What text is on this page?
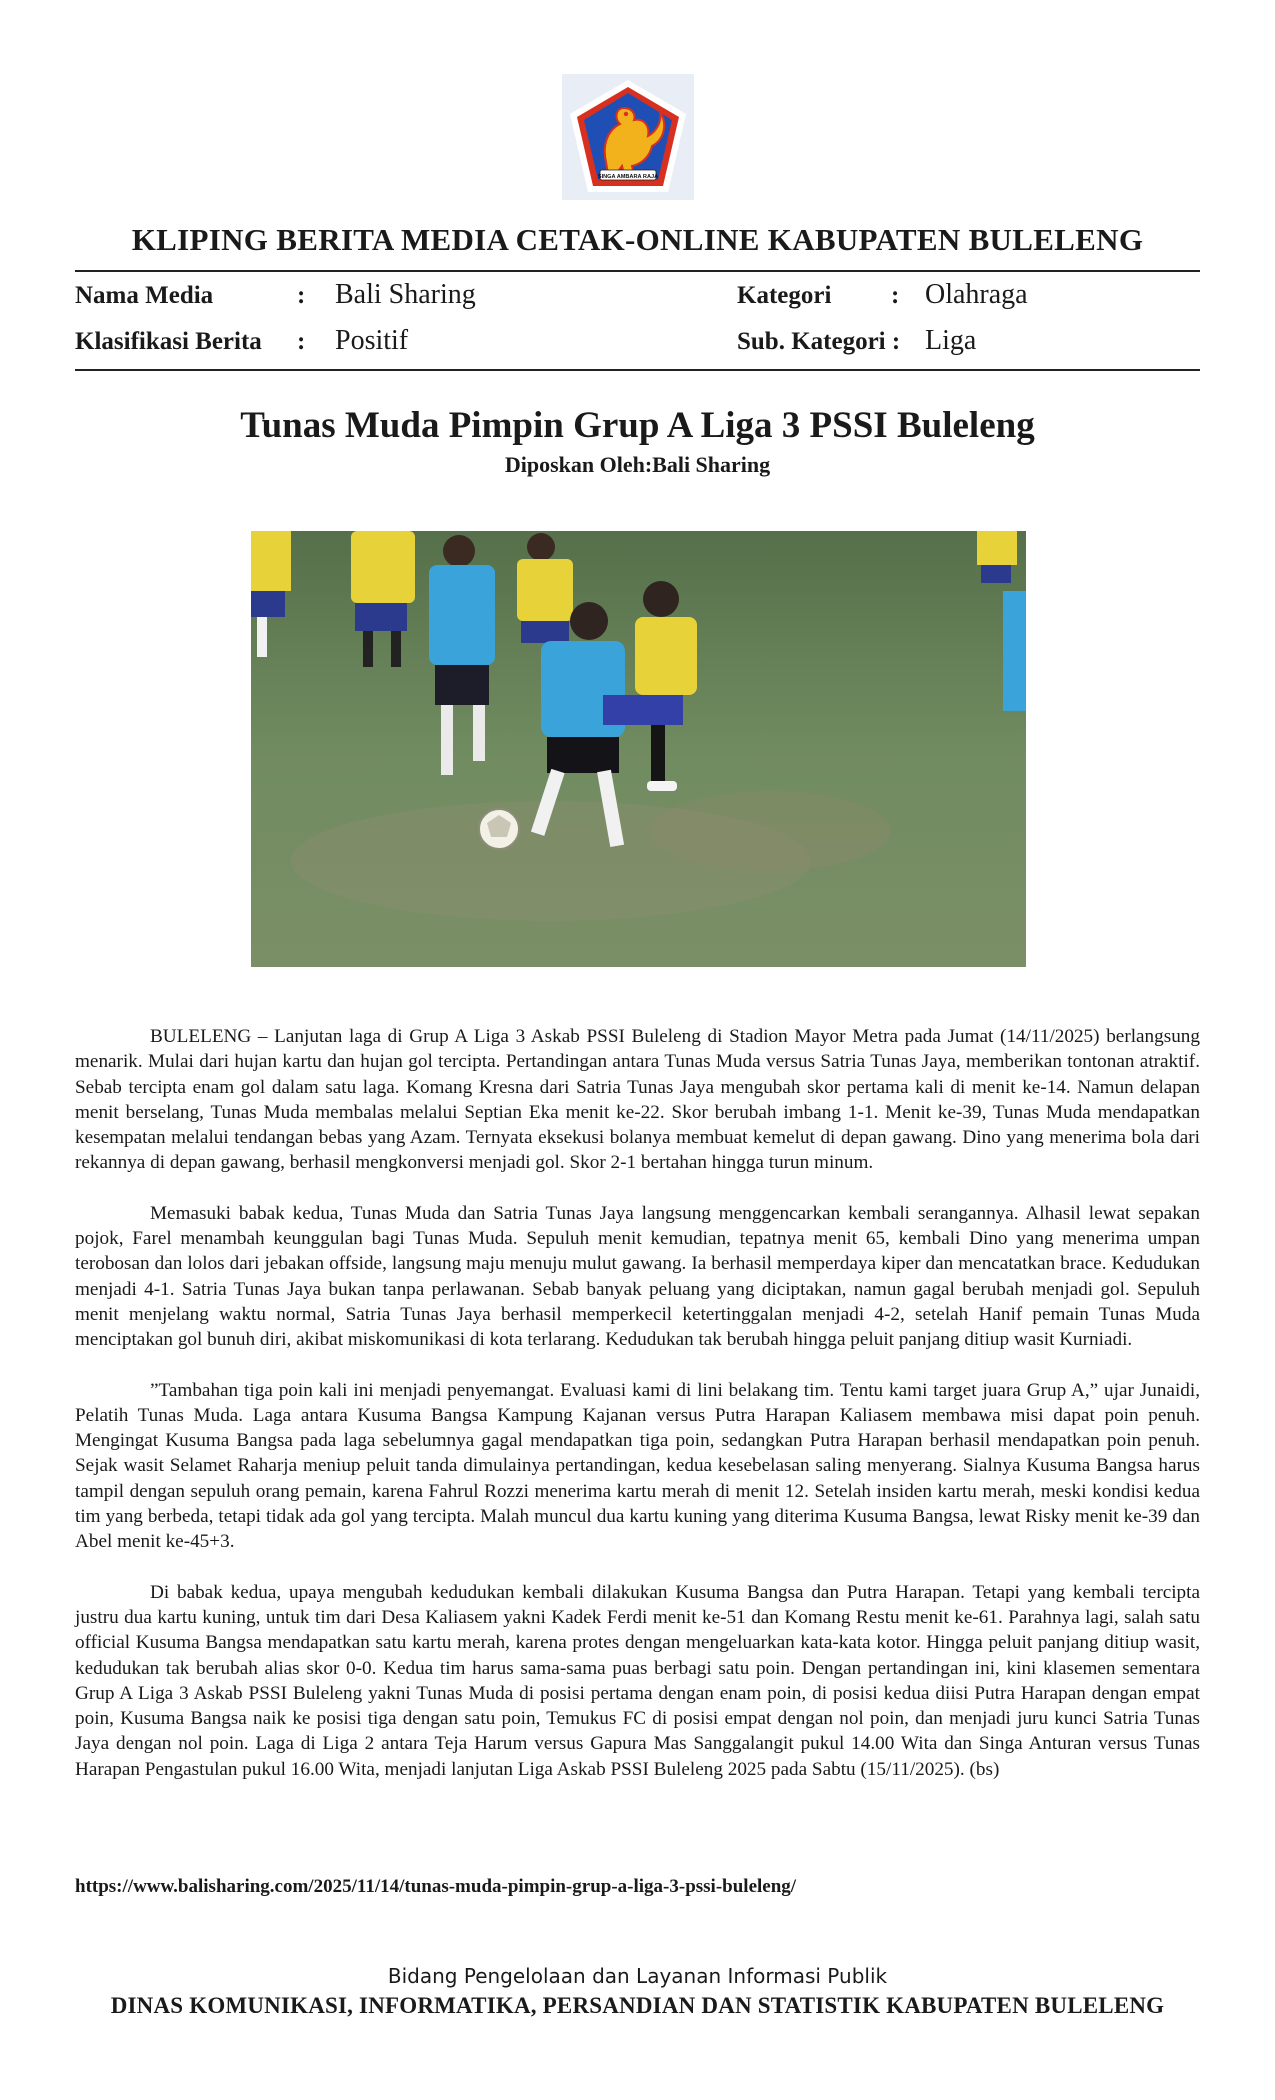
SINGA AMBARA RAJA
KLIPING BERITA MEDIA CETAK-ONLINE KABUPATEN BULELENG
Nama Media	: Bali Sharing	Kategori : Olahraga
Klasifikasi Berita : Positif	Sub. Kategori : Liga
Tunas Muda Pimpin Grup A Liga 3 PSSI Buleleng
Diposkan Oleh:Bali Sharing

BULELENG – Lanjutan laga di Grup A Liga 3 Askab PSSI Buleleng di Stadion Mayor Metra pada Jumat (14/11/2025) berlangsung menarik. Mulai dari hujan kartu dan hujan gol tercipta. Pertandingan antara Tunas Muda versus Satria Tunas Jaya, memberikan tontonan atraktif. Sebab tercipta enam gol dalam satu laga. Komang Kresna dari Satria Tunas Jaya mengubah skor pertama kali di menit ke-14. Namun delapan menit berselang, Tunas Muda membalas melalui Septian Eka menit ke-22. Skor berubah imbang 1-1. Menit ke-39, Tunas Muda mendapatkan kesempatan melalui tendangan bebas yang Azam. Ternyata eksekusi bolanya membuat kemelut di depan gawang. Dino yang menerima bola dari rekannya di depan gawang, berhasil mengkonversi menjadi gol. Skor 2-1 bertahan hingga turun minum.

Memasuki babak kedua, Tunas Muda dan Satria Tunas Jaya langsung menggencarkan kembali serangannya. Alhasil lewat sepakan pojok, Farel menambah keunggulan bagi Tunas Muda. Sepuluh menit kemudian, tepatnya menit 65, kembali Dino yang menerima umpan terobosan dan lolos dari jebakan offside, langsung maju menuju mulut gawang. Ia berhasil memperdaya kiper dan mencatatkan brace. Kedudukan menjadi 4-1. Satria Tunas Jaya bukan tanpa perlawanan. Sebab banyak peluang yang diciptakan, namun gagal berubah menjadi gol. Sepuluh menit menjelang waktu normal, Satria Tunas Jaya berhasil memperkecil ketertinggalan menjadi 4-2, setelah Hanif pemain Tunas Muda menciptakan gol bunuh diri, akibat miskomunikasi di kota terlarang. Kedudukan tak berubah hingga peluit panjang ditiup wasit Kurniadi.

”Tambahan tiga poin kali ini menjadi penyemangat. Evaluasi kami di lini belakang tim. Tentu kami target juara Grup A,” ujar Junaidi, Pelatih Tunas Muda. Laga antara Kusuma Bangsa Kampung Kajanan versus Putra Harapan Kaliasem membawa misi dapat poin penuh. Mengingat Kusuma Bangsa pada laga sebelumnya gagal mendapatkan tiga poin, sedangkan Putra Harapan berhasil mendapatkan poin penuh. Sejak wasit Selamet Raharja meniup peluit tanda dimulainya pertandingan, kedua kesebelasan saling menyerang. Sialnya Kusuma Bangsa harus tampil dengan sepuluh orang pemain, karena Fahrul Rozzi menerima kartu merah di menit 12. Setelah insiden kartu merah, meski kondisi kedua tim yang berbeda, tetapi tidak ada gol yang tercipta. Malah muncul dua kartu kuning yang diterima Kusuma Bangsa, lewat Risky menit ke-39 dan Abel menit ke-45+3.

Di babak kedua, upaya mengubah kedudukan kembali dilakukan Kusuma Bangsa dan Putra Harapan. Tetapi yang kembali tercipta justru dua kartu kuning, untuk tim dari Desa Kaliasem yakni Kadek Ferdi menit ke-51 dan Komang Restu menit ke-61. Parahnya lagi, salah satu official Kusuma Bangsa mendapatkan satu kartu merah, karena protes dengan mengeluarkan kata-kata kotor. Hingga peluit panjang ditiup wasit, kedudukan tak berubah alias skor 0-0. Kedua tim harus sama-sama puas berbagi satu poin. Dengan pertandingan ini, kini klasemen sementara Grup A Liga 3 Askab PSSI Buleleng yakni Tunas Muda di posisi pertama dengan enam poin, di posisi kedua diisi Putra Harapan dengan empat poin, Kusuma Bangsa naik ke posisi tiga dengan satu poin, Temukus FC di posisi empat dengan nol poin, dan menjadi juru kunci Satria Tunas Jaya dengan nol poin. Laga di Liga 2 antara Teja Harum versus Gapura Mas Sanggalangit pukul 14.00 Wita dan Singa Anturan versus Tunas Harapan Pengastulan pukul 16.00 Wita, menjadi lanjutan Liga Askab PSSI Buleleng 2025 pada Sabtu (15/11/2025). (bs)

https://www.balisharing.com/2025/11/14/tunas-muda-pimpin-grup-a-liga-3-pssi-buleleng/
Bidang Pengelolaan dan Layanan Informasi Publik
DINAS KOMUNIKASI, INFORMATIKA, PERSANDIAN DAN STATISTIK KABUPATEN BULELENG
